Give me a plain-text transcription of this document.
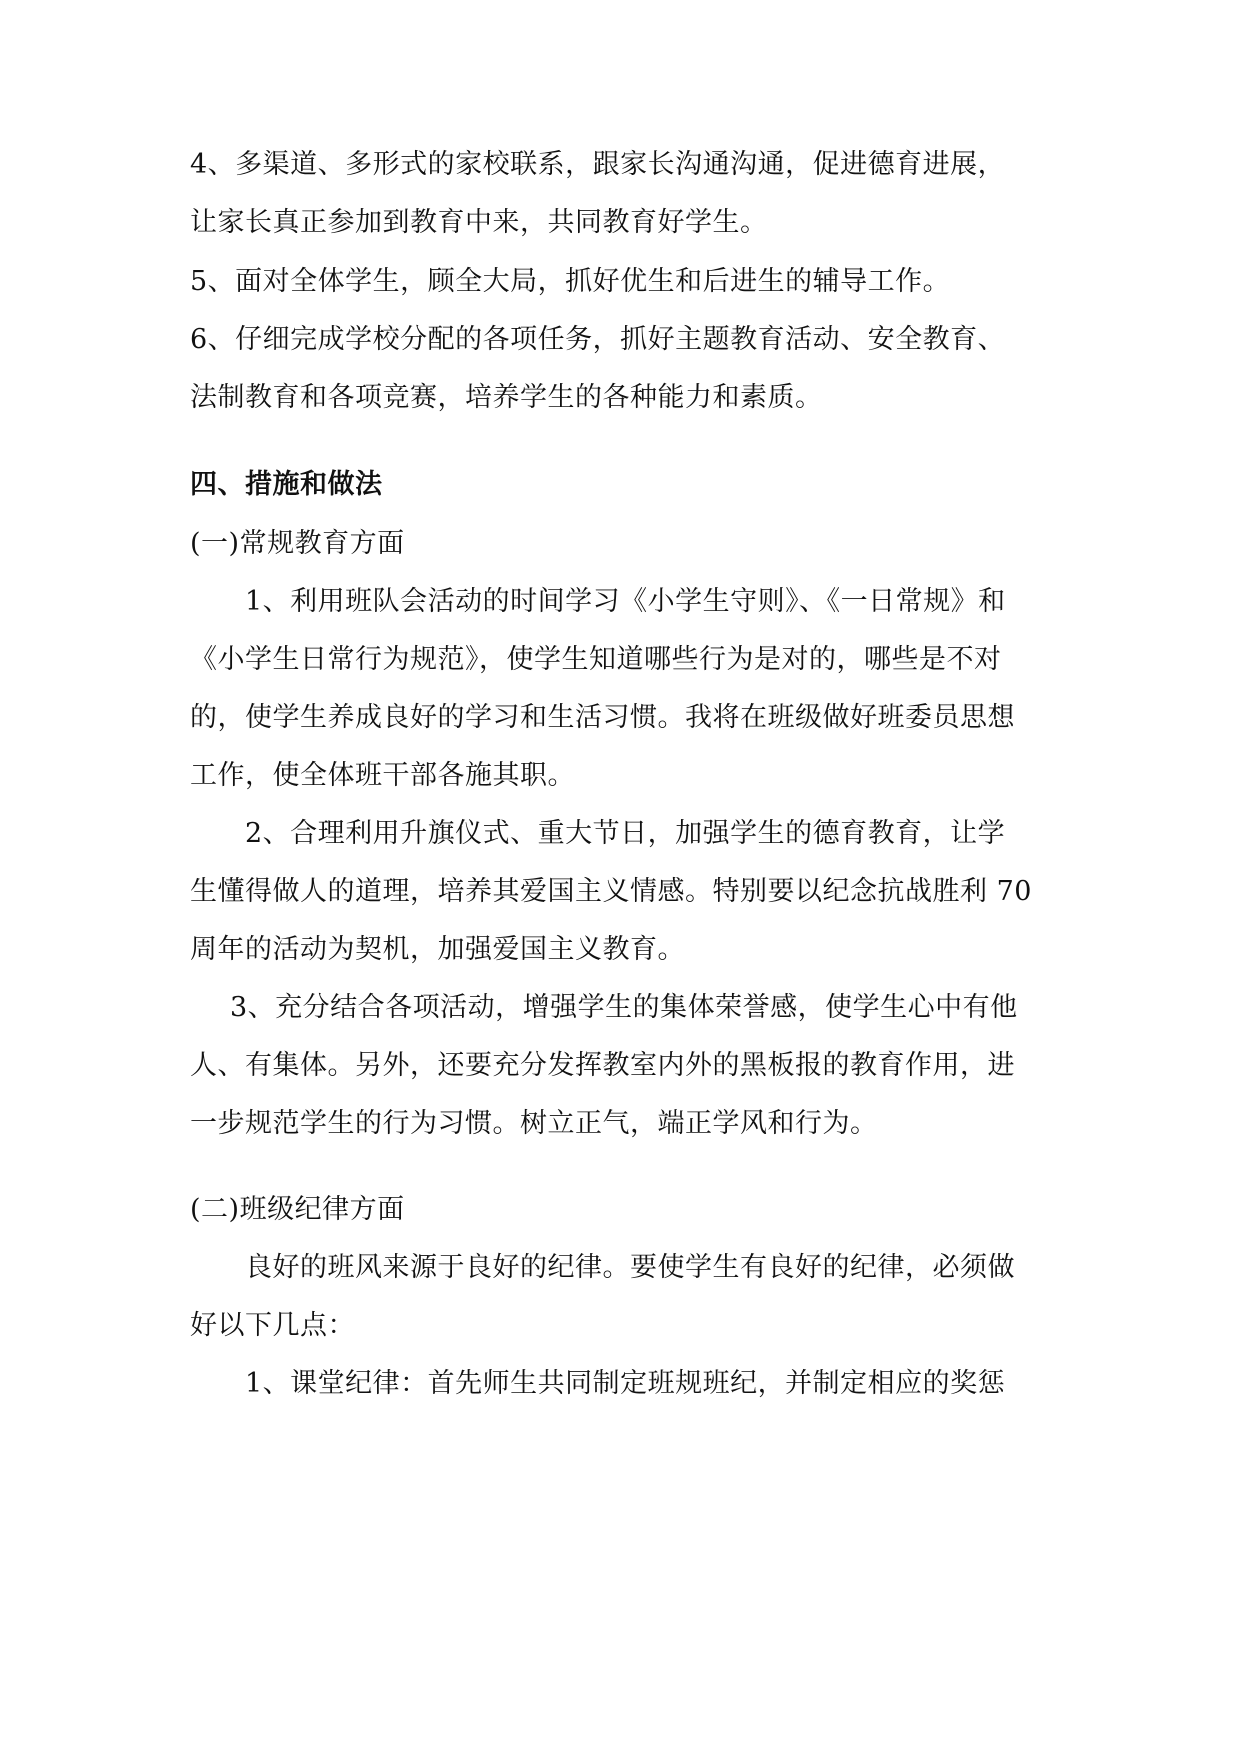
4、多渠道、多形式的家校联系，跟家长沟通沟通，促进德育进展，
让家长真正参加到教育中来，共同教育好学生。
5、面对全体学生，顾全大局，抓好优生和后进生的辅导工作。
6、仔细完成学校分配的各项任务，抓好主题教育活动、安全教育、
法制教育和各项竞赛，培养学生的各种能力和素质。
四、措施和做法
(一)常规教育方面
1、利用班队会活动的时间学习《小学生守则》、《一日常规》和
《小学生日常行为规范》，使学生知道哪些行为是对的，哪些是不对
的，使学生养成良好的学习和生活习惯。我将在班级做好班委员思想
工作，使全体班干部各施其职。
2、合理利用升旗仪式、重大节日，加强学生的德育教育，让学
生懂得做人的道理，培养其爱国主义情感。特别要以纪念抗战胜利 70
周年的活动为契机，加强爱国主义教育。
3、充分结合各项活动，增强学生的集体荣誉感，使学生心中有他
人、有集体。另外，还要充分发挥教室内外的黑板报的教育作用，进
一步规范学生的行为习惯。树立正气，端正学风和行为。
(二)班级纪律方面
良好的班风来源于良好的纪律。要使学生有良好的纪律，必须做
好以下几点：
1、课堂纪律：首先师生共同制定班规班纪，并制定相应的奖惩
